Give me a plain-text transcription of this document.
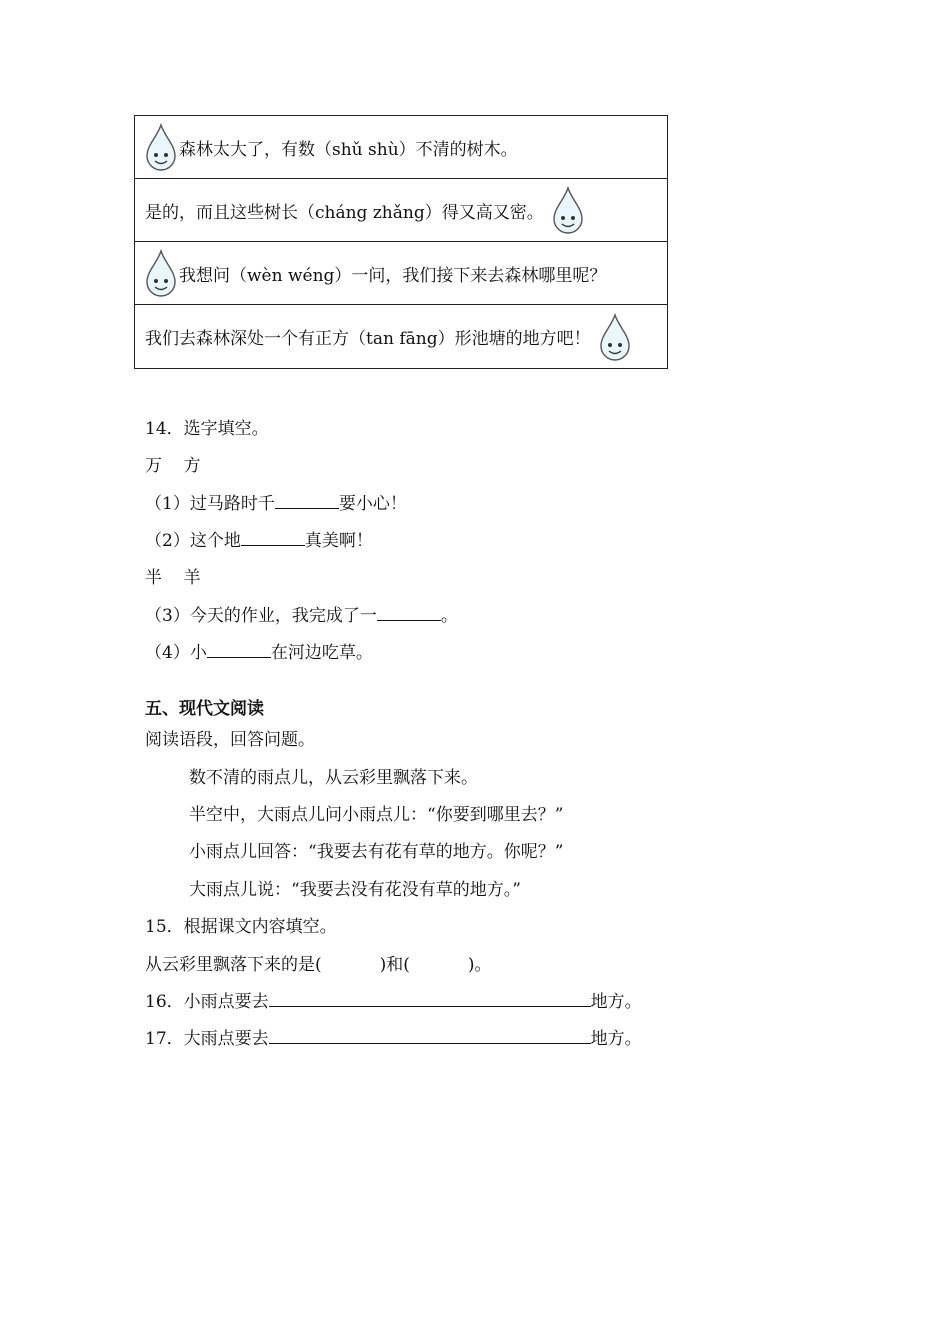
森林太大了，有数（shǔ shù）不清的树木。
是的，而且这些树长（cháng zhǎng）得又高又密。
我想问（wèn wéng）一问，我们接下来去森林哪里呢？
我们去森林深处一个有正方（tan fāng）形池塘的地方吧！
14．选字填空。
万    方
（1）过马路时千	要小心！
（2）这个地	真美啊！
半    羊
（3）今天的作业，我完成了一	。
（4）小	在河边吃草。
五、现代文阅读
阅读语段，回答问题。
数不清的雨点儿，从云彩里飘落下来。
半空中，大雨点儿问小雨点儿：“你要到哪里去？”
小雨点儿回答：“我要去有花有草的地方。你呢？”
大雨点儿说：“我要去没有花没有草的地方。”
15．根据课文内容填空。
从云彩里飘落下来的是(	)和(	)。
16．小雨点要去	地方。
17．大雨点要去	地方。
